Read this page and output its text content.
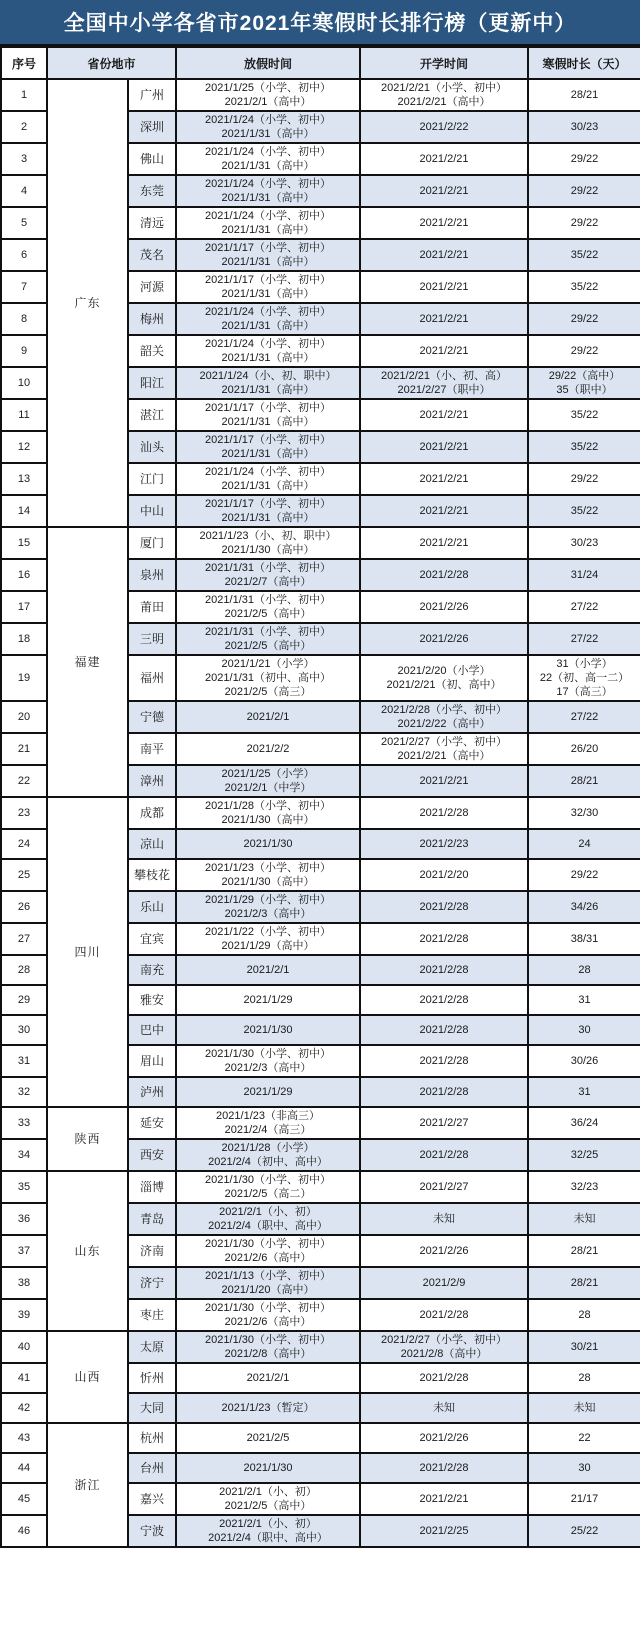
全国中小学各省市2021年寒假时长排行榜（更新中）
序号	省份地市		放假时间	开学时间	寒假时长（天）

1

广东

广州	2021/1/25（小学、初中）
2021/2/1（高中）

2021/2/21（小学、初中）
2021/2/21（高中）

28/21

2		深圳	2021/1/24（小学、初中）
2021/1/31（高中）	2021/2/22	30/23

3		佛山	2021/1/24（小学、初中）
2021/1/31（高中）	2021/2/21	29/22

4		东莞	2021/1/24（小学、初中）
2021/1/31（高中）	2021/2/21	29/22

5		清远	2021/1/24（小学、初中）
2021/1/31（高中）	2021/2/21	29/22

6		茂名	2021/1/17（小学、初中）
2021/1/31（高中）	2021/2/21	35/22

7		河源	2021/1/17（小学、初中）
2021/1/31（高中）	2021/2/21	35/22

8		梅州	2021/1/24（小学、初中）
2021/1/31（高中）	2021/2/21	29/22

9		韶关	2021/1/24（小学、初中）
2021/1/31（高中）	2021/2/21	29/22

10	阳江	2021/1/24（小、初、职中）
2021/1/31（高中）

2021/2/21（小、初、高）
2021/2/27（职中）

29/22（高中）
35（职中）

11		湛江	2021/1/17（小学、初中）
2021/1/31（高中）	2021/2/21	35/22

12		汕头	2021/1/17（小学、初中）
2021/1/31（高中）	2021/2/21	35/22

13		江门	2021/1/24（小学、初中）
2021/1/31（高中）	2021/2/21	29/22

14		中山	2021/1/17（小学、初中）
2021/1/31（高中）	2021/2/21	35/22

15	福建	厦门	2021/1/23（小、初、职中）
2021/1/30（高中）	2021/2/21	30/23

16		泉州	2021/1/31（小学、初中）
2021/2/7（高中）	2021/2/28	31/24

17		莆田	2021/1/31（小学、初中）
2021/2/5（高中）	2021/2/26	27/22

18		三明	2021/1/31（小学、初中）
2021/2/5（高中）	2021/2/26	27/22

19	福州

2021/1/21（小学）
2021/1/31（初中、高中）
2021/2/5（高三）

2021/2/20（小学）
2021/2/21（初、高中）

31（小学）
22（初、高一二）
17（高三）

20		宁德	2021/2/1	2021/2/28（小学、初中）
2021/2/22（高中）	27/22

21		南平	2021/2/2	2021/2/27（小学、初中）
2021/2/21（高中）	26/20

22		漳州	2021/1/25（小学）
2021/2/1（中学）	2021/2/21	28/21

23	四川	成都	2021/1/28（小学、初中）
2021/1/30（高中）	2021/2/28	32/30

24		凉山	2021/1/30	2021/2/23	24

25		攀枝花	2021/1/23（小学、初中）
2021/1/30（高中）	2021/2/20	29/22

26		乐山	2021/1/29（小学、初中）
2021/2/3（高中）	2021/2/28	34/26

27		宜宾	2021/1/22（小学、初中）
2021/1/29（高中）	2021/2/28	38/31

28		南充	2021/2/1	2021/2/28	28

29		雅安	2021/1/29	2021/2/28	31

30		巴中	2021/1/30	2021/2/28	30

31		眉山	2021/1/30（小学、初中）
2021/2/3（高中）	2021/2/28	30/26

32		泸州	2021/1/29	2021/2/28	31

33	陕西	延安	2021/1/23（非高三）
2021/2/4（高三）	2021/2/27	36/24

34		西安	2021/1/28（小学）
2021/2/4（初中、高中）	2021/2/28	32/25

35	山东	淄博	2021/1/30（小学、初中）
2021/2/5（高二）	2021/2/27	32/23

36		青岛	2021/2/1（小、初）
2021/2/4（职中、高中）	未知	未知

37		济南	2021/1/30（小学、初中）
2021/2/6（高中）	2021/2/26	28/21

38		济宁	2021/1/13（小学、初中）
2021/1/20（高中）	2021/2/9	28/21

39		枣庄	2021/1/30（小学、初中）
2021/2/6（高中）	2021/2/28	28

40

山西

太原	2021/1/30（小学、初中）
2021/2/8（高中）

2021/2/27（小学、初中）
2021/2/8（高中）

30/21

41		忻州	2021/2/1	2021/2/28	28

42		大同	2021/1/23（暂定）	未知	未知

43	浙江	杭州	2021/2/5	2021/2/26	22

44		台州	2021/1/30	2021/2/28	30

45		嘉兴	2021/2/1（小、初）
2021/2/5（高中）	2021/2/21	21/17

46		宁波	2021/2/1（小、初）
2021/2/4（职中、高中）	2021/2/25	25/22
